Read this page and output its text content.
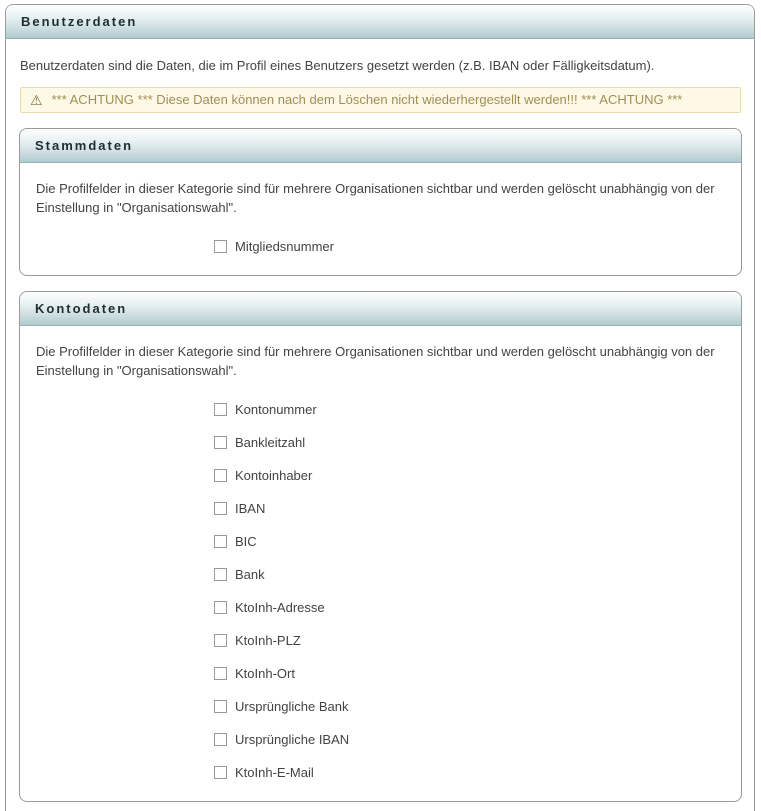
Benutzerdaten

Benutzerdaten sind die Daten, die im Profil eines Benutzers gesetzt werden (z.B. IBAN oder Fälligkeitsdatum).

⚠︎
*** ACHTUNG *** Diese Daten können nach dem Löschen nicht wiederhergestellt werden!!! *** ACHTUNG ***
Stammdaten

Die Profilfelder in dieser Kategorie sind für mehrere Organisationen sichtbar und werden gelöscht unabhängig von der Einstellung in "Organisationswahl".

Mitgliedsnummer
Kontodaten

Die Profilfelder in dieser Kategorie sind für mehrere Organisationen sichtbar und werden gelöscht unabhängig von der Einstellung in "Organisationswahl".

Kontonummer
Bankleitzahl
Kontoinhaber
IBAN
BIC
Bank
KtoInh-Adresse
KtoInh-PLZ
KtoInh-Ort
Ursprüngliche Bank
Ursprüngliche IBAN
KtoInh-E-Mail
